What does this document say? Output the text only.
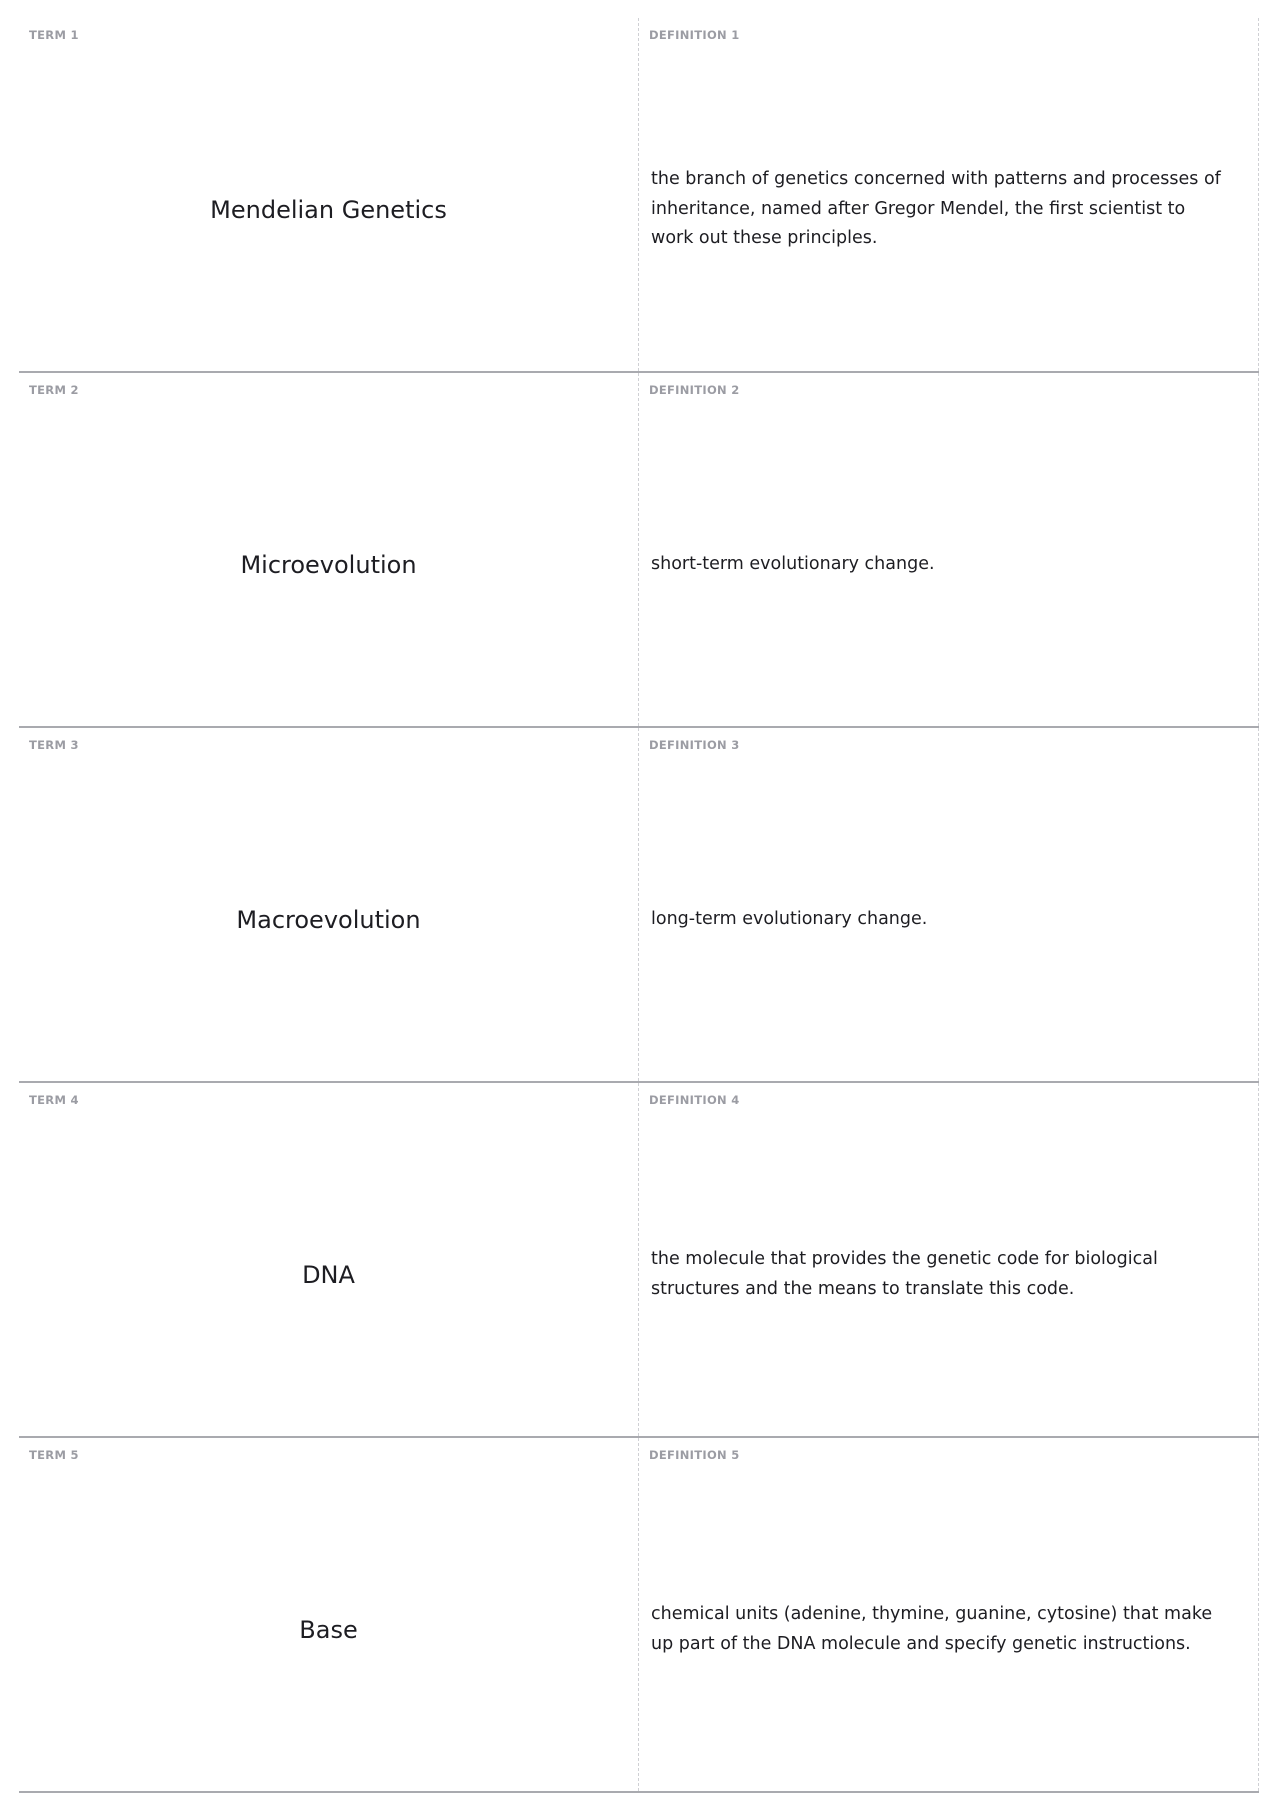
TERM 1
Mendelian Genetics
DEFINITION 1
the branch of genetics concerned with patterns and processes of inheritance, named after Gregor Mendel, the first scientist to work out these principles.
TERM 2
Microevolution
DEFINITION 2
short-term evolutionary change.
TERM 3
Macroevolution
DEFINITION 3
long-term evolutionary change.
TERM 4
DNA
DEFINITION 4
the molecule that provides the genetic code for biological structures and the means to translate this code.
TERM 5
Base
DEFINITION 5
chemical units (adenine, thymine, guanine, cytosine) that make up part of the DNA molecule and specify genetic instructions.
